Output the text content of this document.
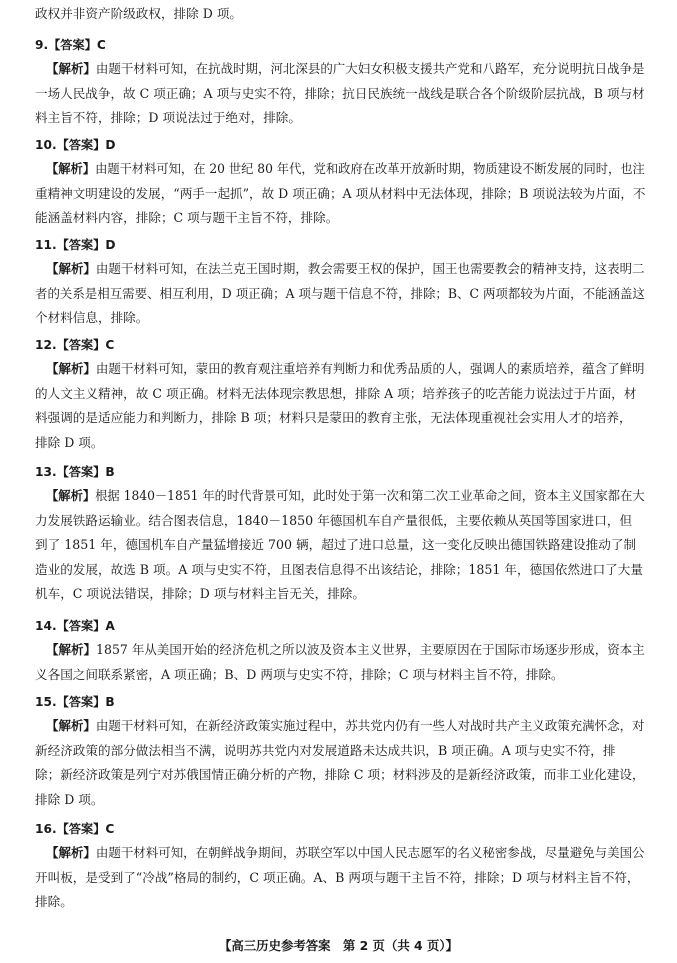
政权并非资产阶级政权，排除 D 项。
9.【答案】C
【解析】由题干材料可知，在抗战时期，河北深县的广大妇女积极支援共产党和八路军，充分说明抗日战争是
一场人民战争，故 C 项正确；A 项与史实不符，排除；抗日民族统一战线是联合各个阶级阶层抗战，B 项与材
料主旨不符，排除；D 项说法过于绝对，排除。
10.【答案】D
【解析】由题干材料可知，在 20 世纪 80 年代，党和政府在改革开放新时期，物质建设不断发展的同时，也注
重精神文明建设的发展，“两手一起抓”，故 D 项正确；A 项从材料中无法体现，排除；B 项说法较为片面，不
能涵盖材料内容，排除；C 项与题干主旨不符，排除。
11.【答案】D
【解析】由题干材料可知，在法兰克王国时期，教会需要王权的保护，国王也需要教会的精神支持，这表明二
者的关系是相互需要、相互利用，D 项正确；A 项与题干信息不符，排除；B、C 两项都较为片面，不能涵盖这
个材料信息，排除。
12.【答案】C
【解析】由题干材料可知，蒙田的教育观注重培养有判断力和优秀品质的人，强调人的素质培养，蕴含了鲜明
的人文主义精神，故 C 项正确。材料无法体现宗教思想，排除 A 项；培养孩子的吃苦能力说法过于片面，材
料强调的是适应能力和判断力，排除 B 项；材料只是蒙田的教育主张，无法体现重视社会实用人才的培养，
排除 D 项。
13.【答案】B
【解析】根据 1840－1851 年的时代背景可知，此时处于第一次和第二次工业革命之间，资本主义国家都在大
力发展铁路运输业。结合图表信息，1840－1850 年德国机车自产量很低，主要依赖从英国等国家进口，但
到了 1851 年，德国机车自产量猛增接近 700 辆，超过了进口总量，这一变化反映出德国铁路建设推动了制
造业的发展，故选 B 项。A 项与史实不符，且图表信息得不出该结论，排除；1851 年，德国依然进口了大量
机车，C 项说法错误，排除；D 项与材料主旨无关，排除。
14.【答案】A
【解析】1857 年从美国开始的经济危机之所以波及资本主义世界，主要原因在于国际市场逐步形成，资本主
义各国之间联系紧密，A 项正确；B、D 两项与史实不符，排除；C 项与材料主旨不符，排除。
15.【答案】B
【解析】由题干材料可知，在新经济政策实施过程中，苏共党内仍有一些人对战时共产主义政策充满怀念，对
新经济政策的部分做法相当不满，说明苏共党内对发展道路未达成共识，B 项正确。A 项与史实不符，排
除；新经济政策是列宁对苏俄国情正确分析的产物，排除 C 项；材料涉及的是新经济政策，而非工业化建设，
排除 D 项。
16.【答案】C
【解析】由题干材料可知，在朝鲜战争期间，苏联空军以中国人民志愿军的名义秘密参战，尽量避免与美国公
开叫板，是受到了“冷战”格局的制约，C 项正确。A、B 两项与题干主旨不符，排除；D 项与材料主旨不符，
排除。
【高三历史参考答案　第 2 页（共 4 页）】
